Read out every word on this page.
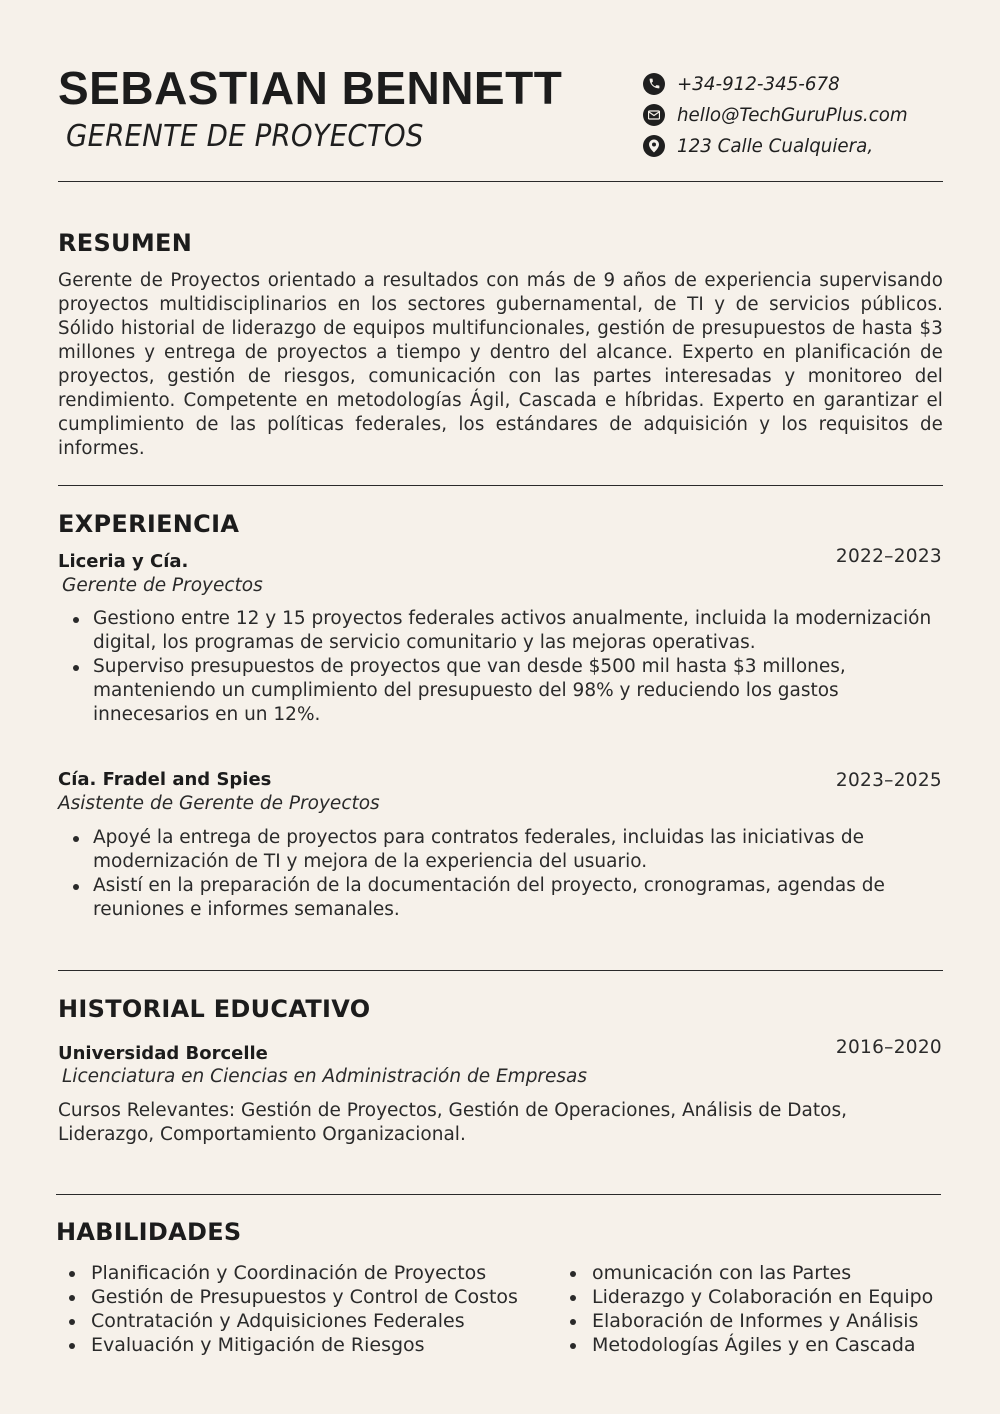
SEBASTIAN BENNETT
GERENTE DE PROYECTOS
+34-912-345-678
hello@TechGuruPlus.com
123 Calle Cualquiera,
RESUMEN

Gerente de Proyectos orientado a resultados con más de 9 años de experiencia supervisando proyectos multidisciplinarios en los sectores gubernamental, de TI y de servicios públicos. Sólido historial de liderazgo de equipos multifuncionales, gestión de presupuestos de hasta $3 millones y entrega de proyectos a tiempo y dentro del alcance. Experto en planificación de proyectos, gestión de riesgos, comunicación con las partes interesadas y monitoreo del rendimiento. Competente en metodologías Ágil, Cascada e híbridas. Experto en garantizar el cumplimiento de las políticas federales, los estándares de adquisición y los requisitos de informes.

EXPERIENCIA
Liceria y Cía.	2022–2023
Gerente de Proyectos
Gestiono entre 12 y 15 proyectos federales activos anualmente, incluida la modernización digital, los programas de servicio comunitario y las mejoras operativas.
Superviso presupuestos de proyectos que van desde $500 mil hasta $3 millones, manteniendo un cumplimiento del presupuesto del 98% y reduciendo los gastos innecesarios en un 12%.
Cía. Fradel and Spies	2023–2025
Asistente de Gerente de Proyectos
Apoyé la entrega de proyectos para contratos federales, incluidas las iniciativas de modernización de TI y mejora de la experiencia del usuario.
Asistí en la preparación de la documentación del proyecto, cronogramas, agendas de reuniones e informes semanales.
HISTORIAL EDUCATIVO
Universidad Borcelle	2016–2020
Licenciatura en Ciencias en Administración de Empresas

Cursos Relevantes: Gestión de Proyectos, Gestión de Operaciones, Análisis de Datos, Liderazgo, Comportamiento Organizacional.

HABILIDADES
Planificación y Coordinación de Proyectos
Gestión de Presupuestos y Control de Costos
Contratación y Adquisiciones Federales
Evaluación y Mitigación de Riesgos
omunicación con las Partes
Liderazgo y Colaboración en Equipo
Elaboración de Informes y Análisis
Metodologías Ágiles y en Cascada
